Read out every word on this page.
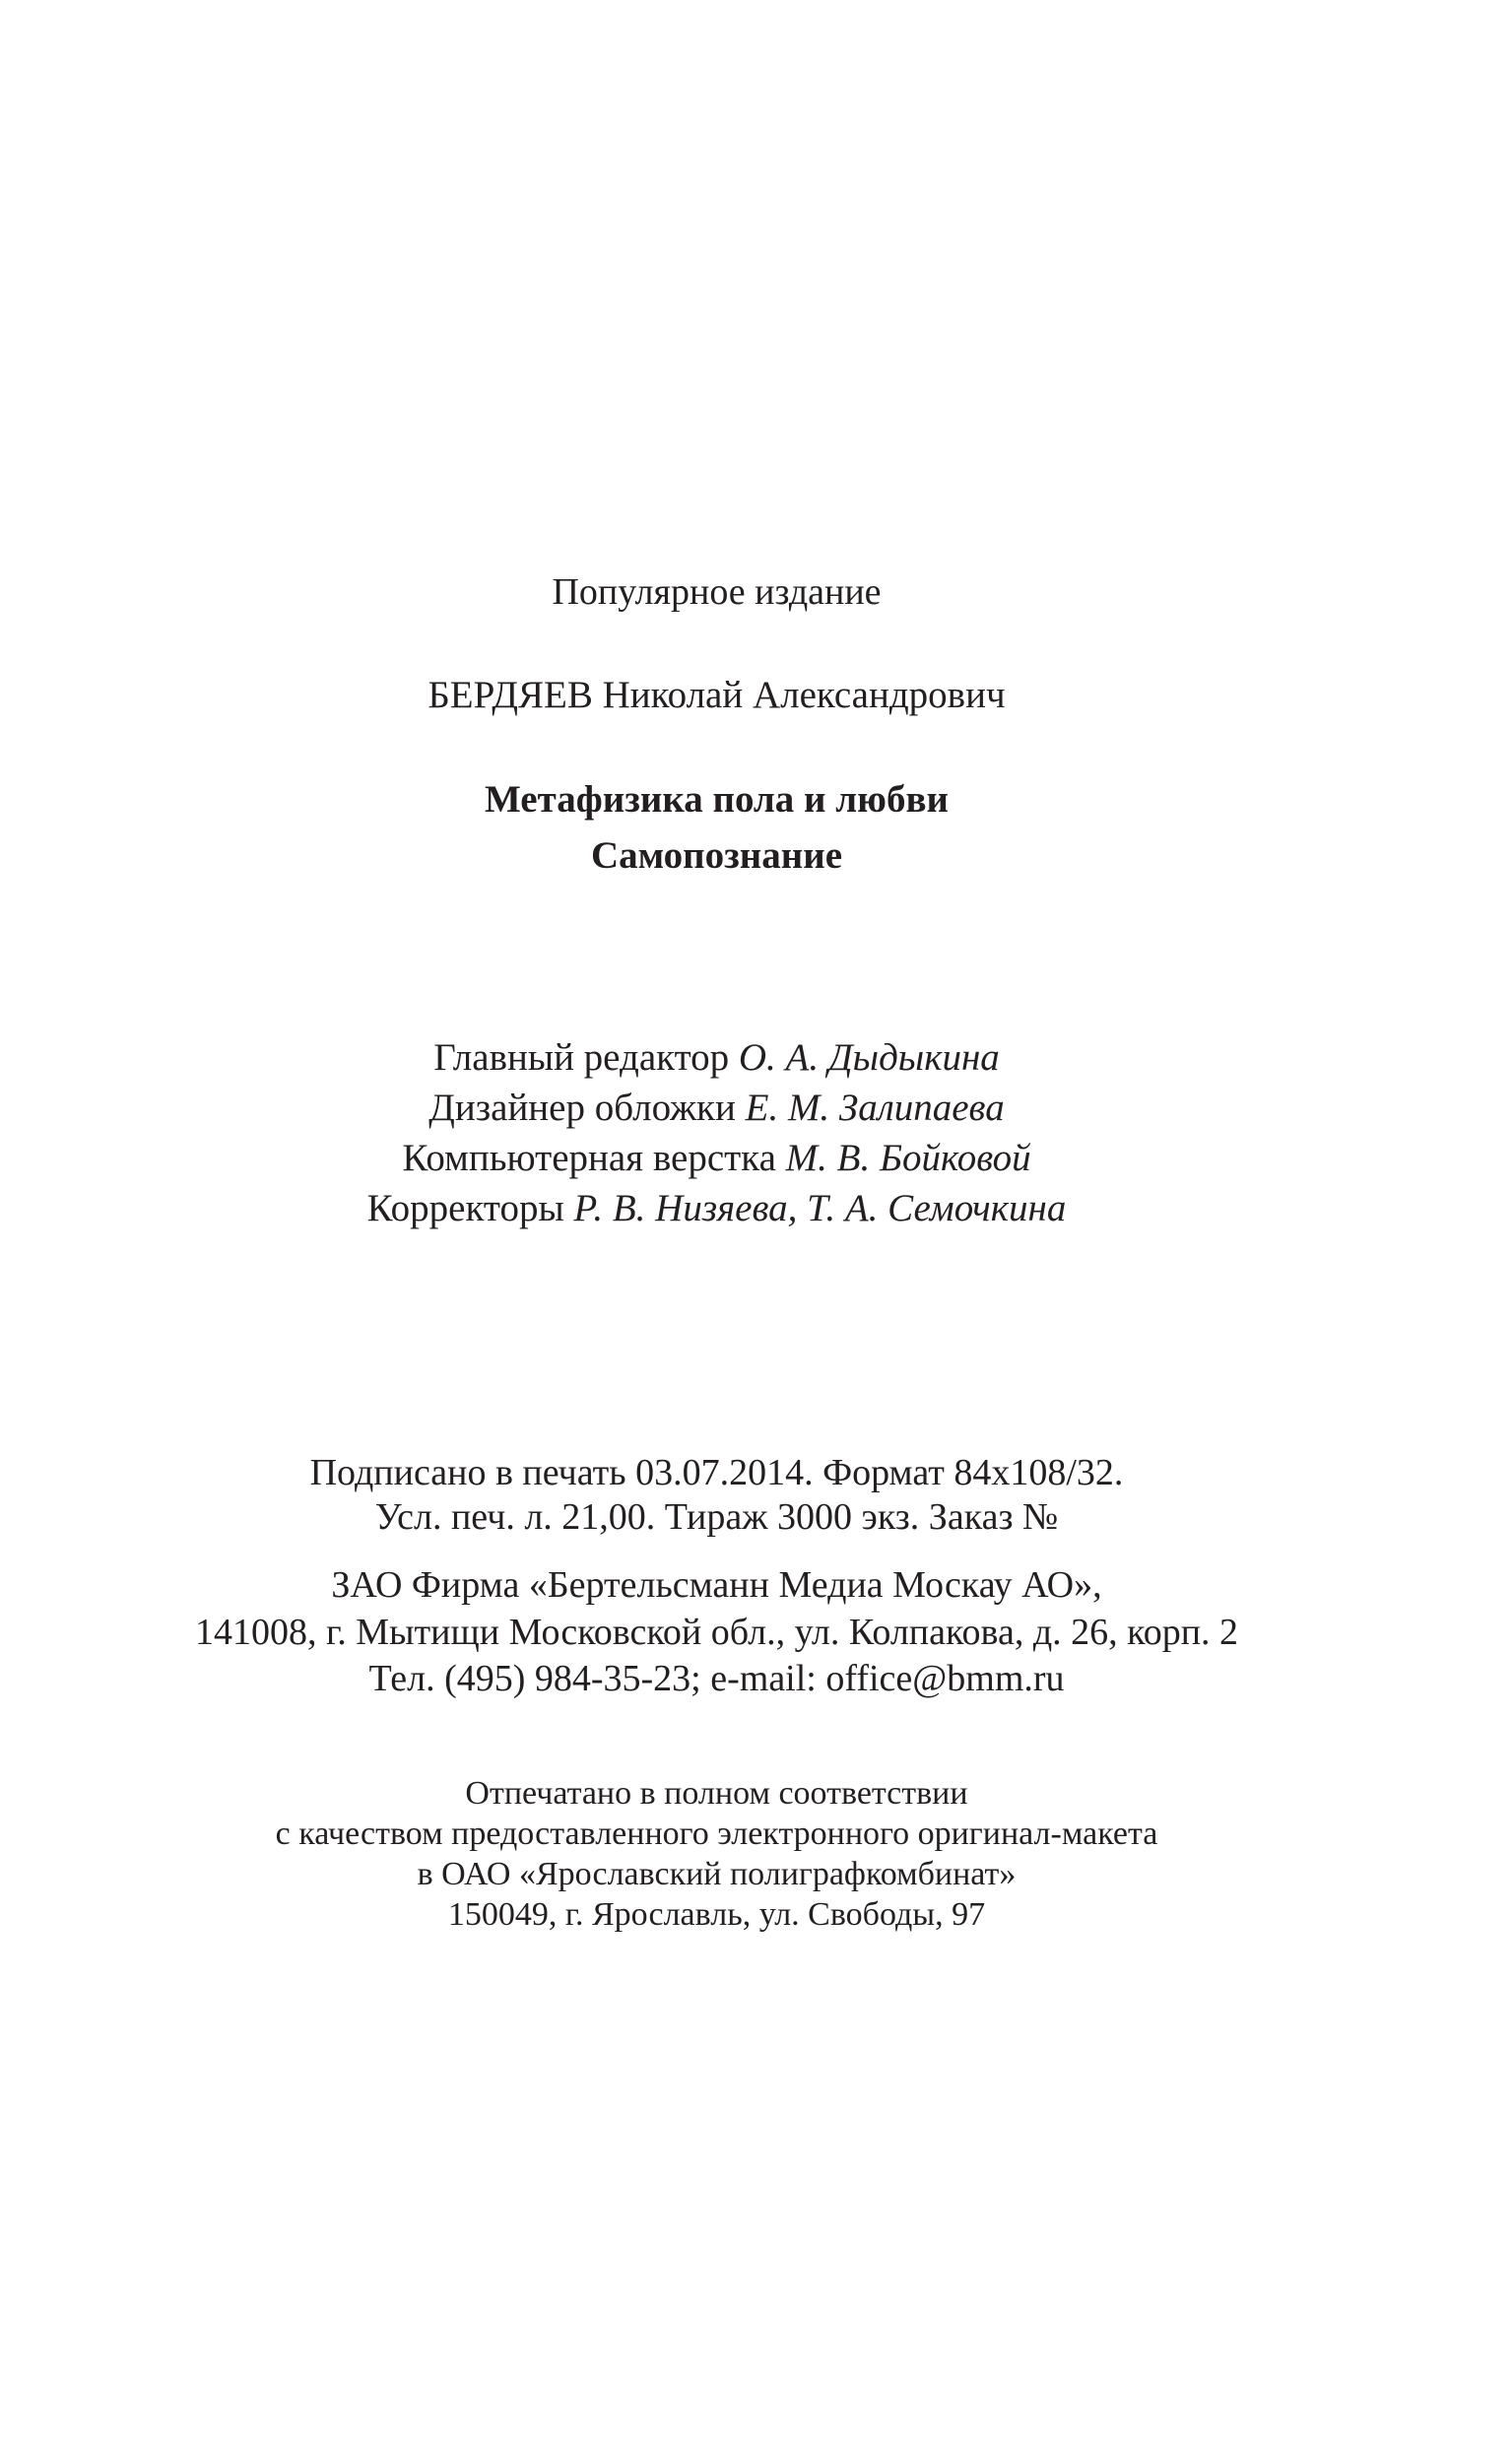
Популярное издание
БЕРДЯЕВ Николай Александрович
Метафизика пола и любви
Самопознание
Главный редактор О. А. Дыдыкина
Дизайнер обложки Е. М. Залипаева
Компьютерная верстка М. В. Бойковой
Корректоры Р. В. Низяева, Т. А. Семочкина
Подписано в печать 03.07.2014. Формат 84x108/32.
Усл. печ. л. 21,00. Тираж 3000 экз. Заказ №
ЗАО Фирма «Бертельсманн Медиа Москау АО»,
141008, г. Мытищи Московской обл., ул. Колпакова, д. 26, корп. 2
Тел. (495) 984-35-23; e-mail: office@bmm.ru
Отпечатано в полном соответствии
с качеством предоставленного электронного оригинал-макета
в ОАО «Ярославский полиграфкомбинат»
150049, г. Ярославль, ул. Свободы, 97
